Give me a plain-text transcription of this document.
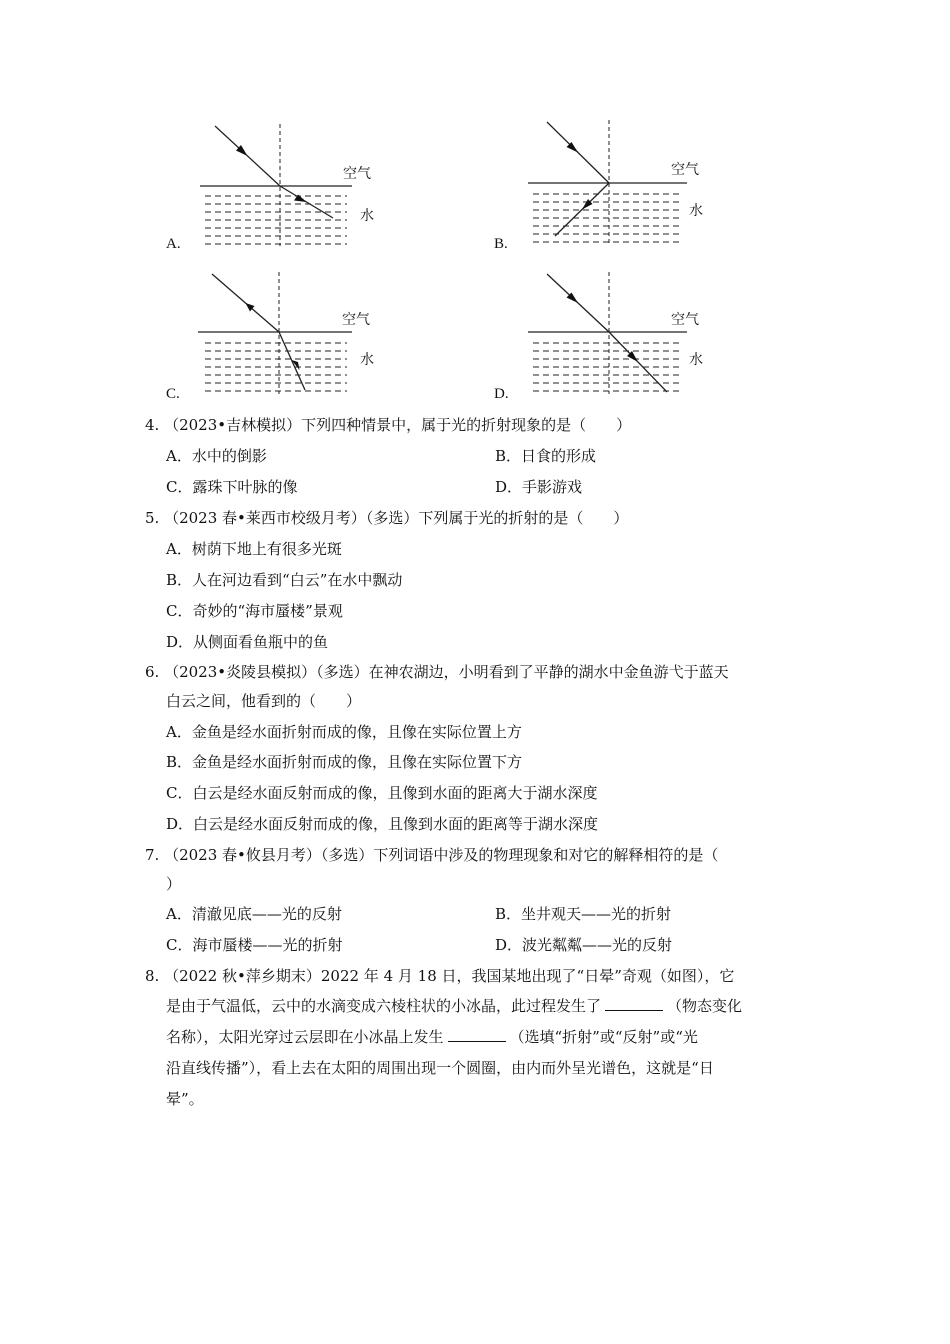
空气
水
A.
空气
水
B.
空气
水
C.
空气
水
D.
4. （2023•吉林模拟）下列四种情景中，属于光的折射现象的是（　　）
A．水中的倒影	B．日食的形成
C．露珠下叶脉的像	D．手影游戏
5. （2023 春•莱西市校级月考）（多选）下列属于光的折射的是（　　）
A．树荫下地上有很多光斑
B．人在河边看到“白云”在水中飘动
C．奇妙的“海市蜃楼”景观
D．从侧面看鱼瓶中的鱼
6. （2023•炎陵县模拟）（多选）在神农湖边，小明看到了平静的湖水中金鱼游弋于蓝天
白云之间，他看到的（　　）
A．金鱼是经水面折射而成的像，且像在实际位置上方
B．金鱼是经水面折射而成的像，且像在实际位置下方
C．白云是经水面反射而成的像，且像到水面的距离大于湖水深度
D．白云是经水面反射而成的像，且像到水面的距离等于湖水深度
7. （2023 春•攸县月考）（多选）下列词语中涉及的物理现象和对它的解释相符的是（
）
A．清澈见底——光的反射	B．坐井观天——光的折射
C．海市蜃楼——光的折射	D．波光粼粼——光的反射
8. （2022 秋•萍乡期末）2022 年 4 月 18 日，我国某地出现了“日晕”奇观（如图），它
是由于气温低，云中的水滴变成六棱柱状的小冰晶，此过程发生了	（物态变化
名称），太阳光穿过云层即在小冰晶上发生	（选填“折射”或“反射”或“光
沿直线传播”），看上去在太阳的周围出现一个圆圈，由内而外呈光谱色，这就是“日
晕”。
